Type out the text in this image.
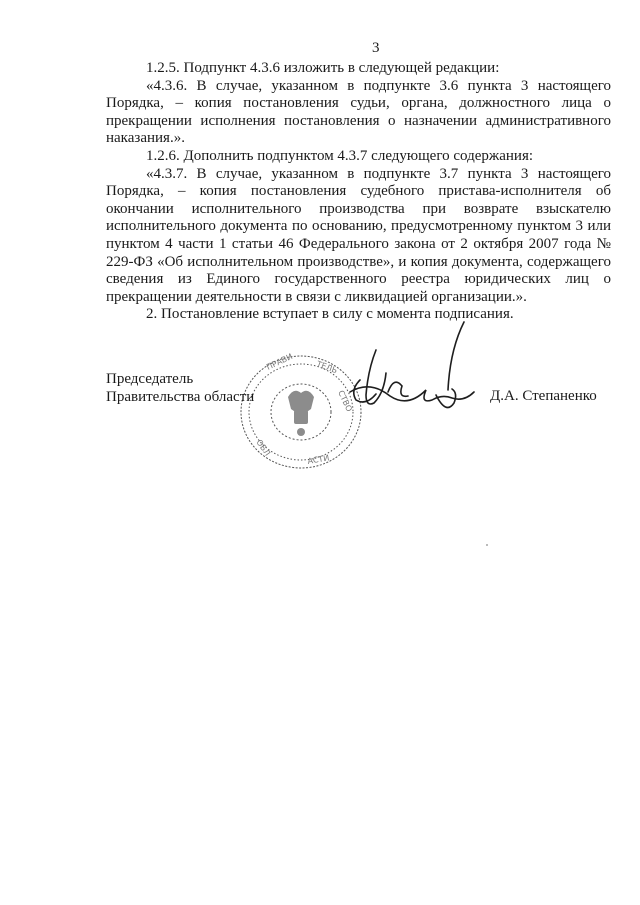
3

1.2.5. Подпункт 4.3.6 изложить в следующей редакции:

«4.3.6. В случае, указанном в подпункте 3.6 пункта 3 настоящего Порядка, – копия постановления судьи, органа, должностного лица о прекращении исполнения постановления о назначении административного наказания.».

1.2.6. Дополнить подпунктом 4.3.7 следующего содержания:

«4.3.7. В случае, указанном в подпункте 3.7 пункта 3 настоящего Порядка, – копия постановления судебного пристава-исполнителя об окончании исполнительного производства при возврате взыскателю исполнительного документа по основанию, предусмотренному пунктом 3 или пунктом 4 части 1 статьи 46 Федерального закона от 2 октября 2007 года № 229-ФЗ «Об исполнительном производстве», и копия документа, содержащего сведения из Единого государственного реестра юридических лиц о прекращении деятельности в связи с ликвидацией организации.».

2. Постановление вступает в силу с момента подписания.

ПРАВИ	ТЕЛЬ
СТВО
ОБЛ
АСТИ
Председатель
Правительства области	Д.А. Степаненко
